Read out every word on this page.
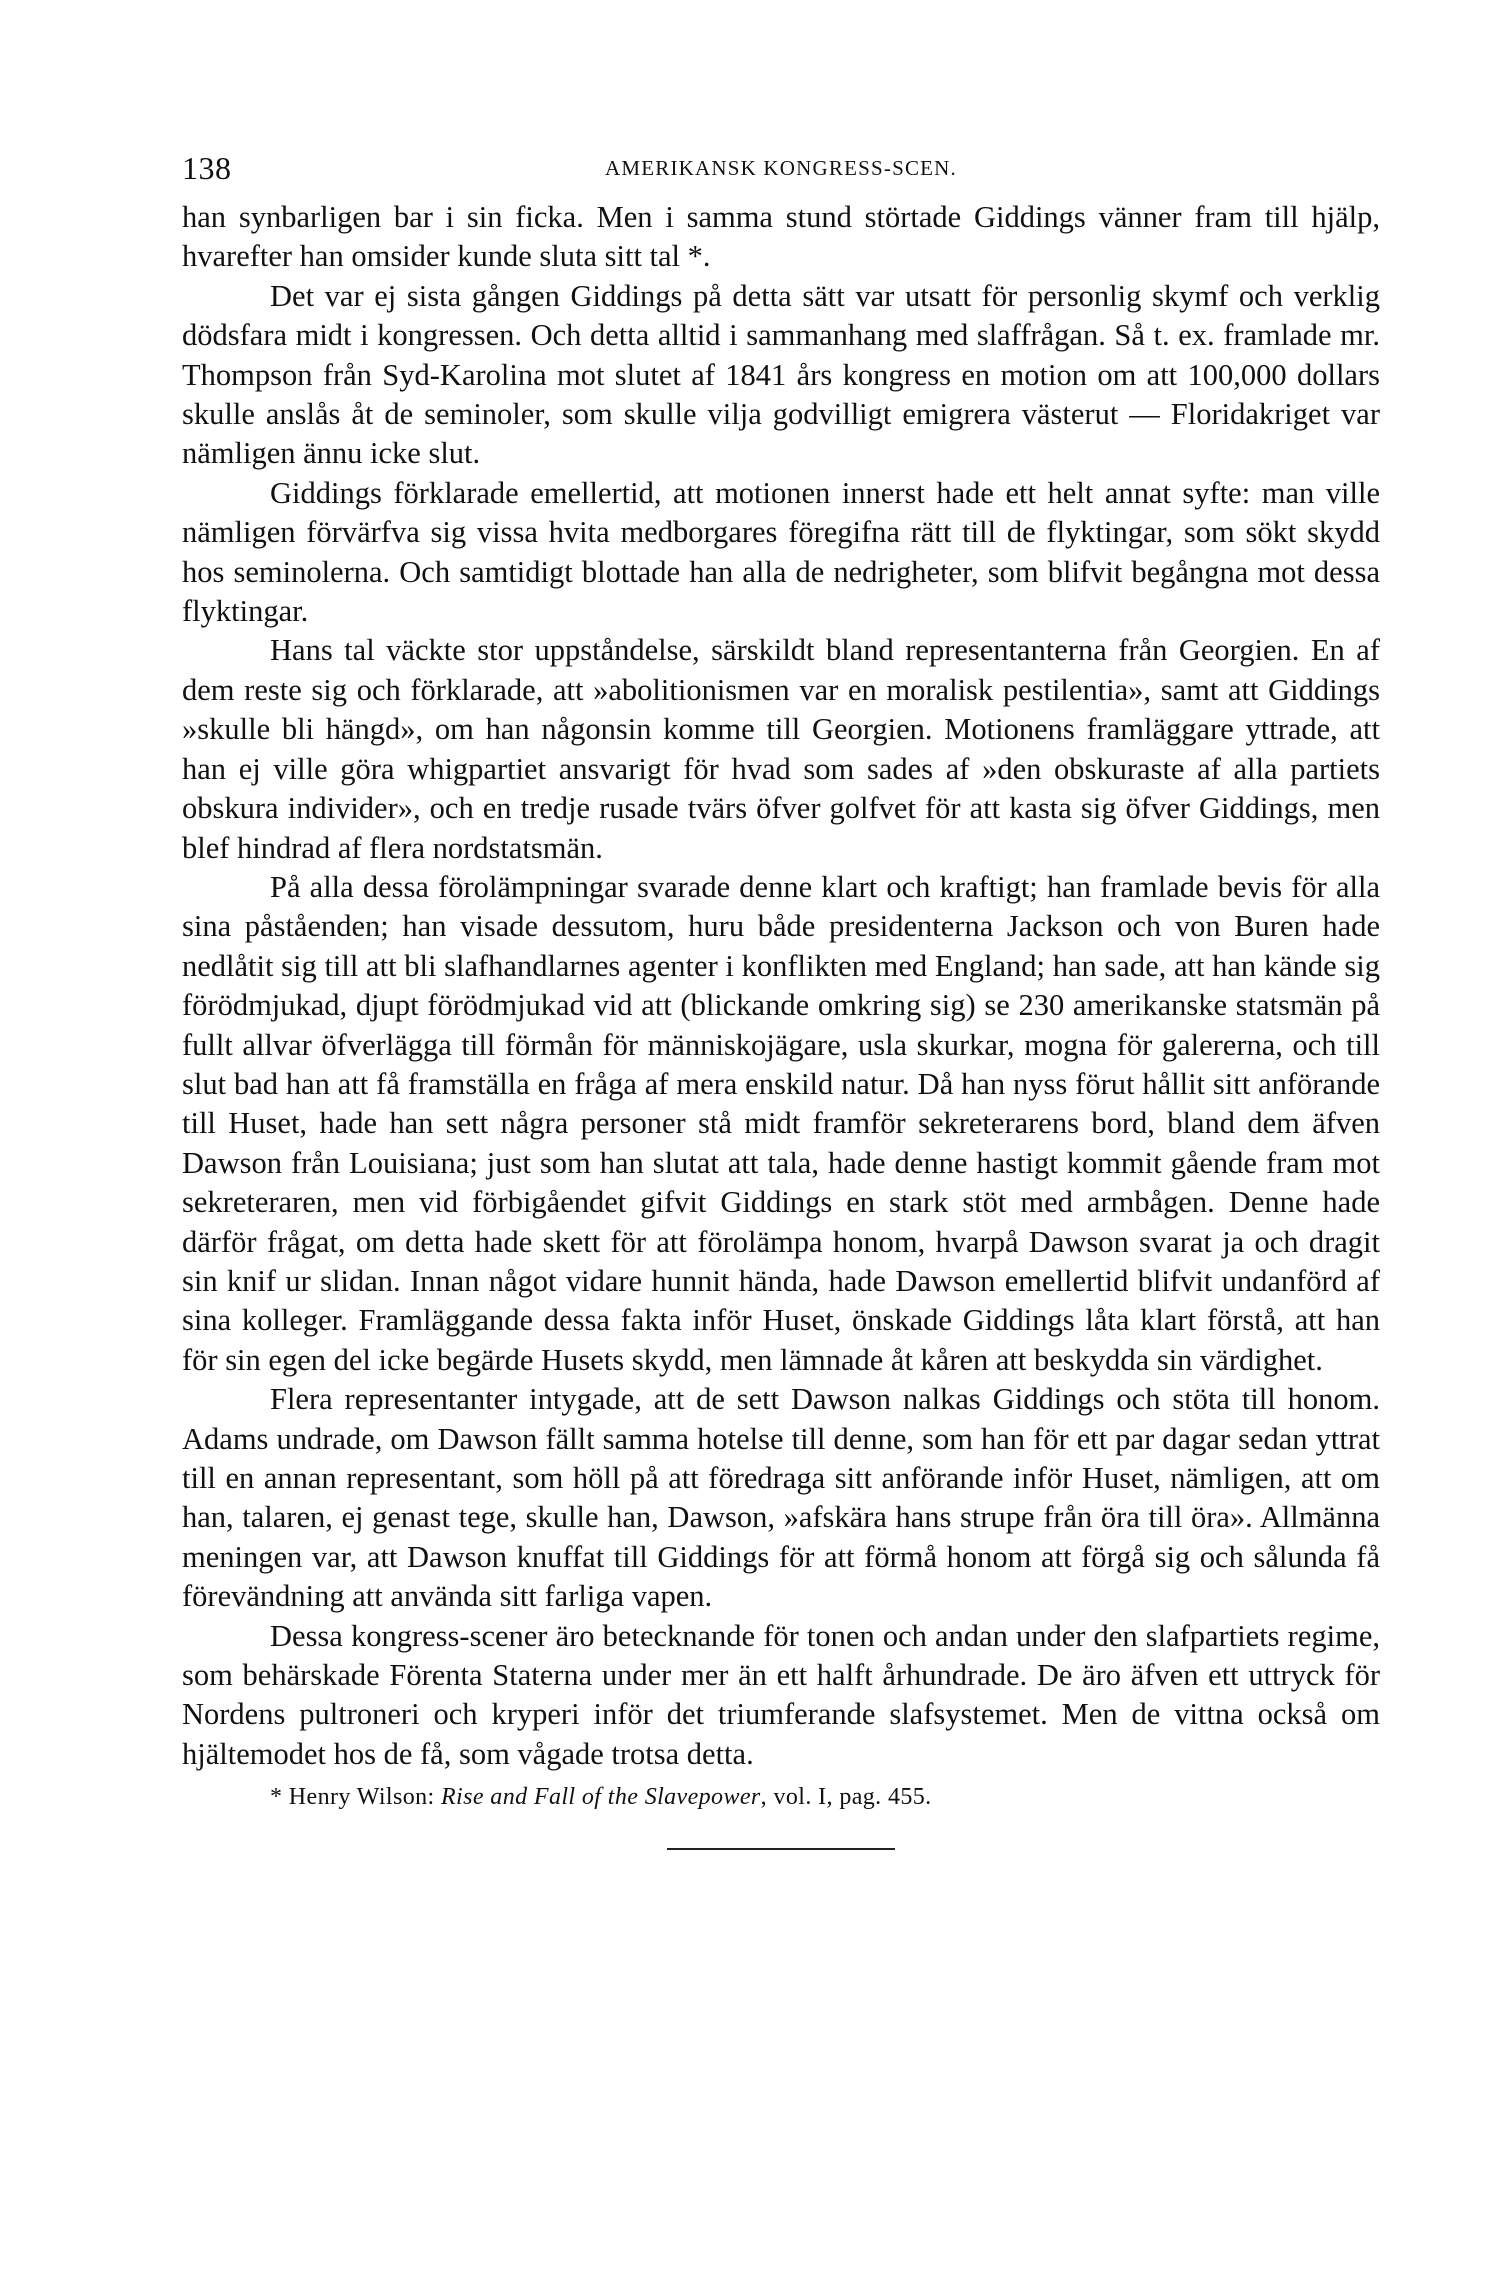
138	AMERIKANSK KONGRESS-SCEN.

han synbarligen bar i sin ficka. Men i samma stund störtade Giddings vänner fram till hjälp, hvarefter han omsider kunde sluta sitt tal *.

Det var ej sista gången Giddings på detta sätt var utsatt för personlig skymf och verklig dödsfara midt i kongressen. Och detta alltid i sammanhang med slaffrågan. Så t. ex. framlade mr. Thompson från Syd-Karolina mot slutet af 1841 års kongress en motion om att 100,000 dollars skulle anslås åt de seminoler, som skulle vilja godvilligt emigrera västerut — Floridakriget var nämligen ännu icke slut.

Giddings förklarade emellertid, att motionen innerst hade ett helt annat syfte: man ville nämligen förvärfva sig vissa hvita medborgares föregifna rätt till de flyktingar, som sökt skydd hos seminolerna. Och samtidigt blottade han alla de nedrigheter, som blifvit begångna mot dessa flyktingar.

Hans tal väckte stor uppståndelse, särskildt bland representanterna från Georgien. En af dem reste sig och förklarade, att »abolitionismen var en moralisk pestilentia», samt att Giddings »skulle bli hängd», om han någonsin komme till Georgien. Motionens framläggare yttrade, att han ej ville göra whigpartiet ansvarigt för hvad som sades af »den obskuraste af alla partiets obskura individer», och en tredje rusade tvärs öfver golfvet för att kasta sig öfver Giddings, men blef hindrad af flera nordstatsmän.

På alla dessa förolämpningar svarade denne klart och kraftigt; han framlade bevis för alla sina påståenden; han visade dessutom, huru både presidenterna Jackson och von Buren hade nedlåtit sig till att bli slafhandlarnes agenter i konflikten med England; han sade, att han kände sig förödmjukad, djupt förödmjukad vid att (blickande omkring sig) se 230 amerikanske statsmän på fullt allvar öfverlägga till förmån för människojägare, usla skurkar, mogna för galererna, och till slut bad han att få framställa en fråga af mera enskild natur. Då han nyss förut hållit sitt anförande till Huset, hade han sett några personer stå midt framför sekreterarens bord, bland dem äfven Dawson från Louisiana; just som han slutat att tala, hade denne hastigt kommit gående fram mot sekreteraren, men vid förbigåendet gifvit Giddings en stark stöt med armbågen. Denne hade därför frågat, om detta hade skett för att förolämpa honom, hvarpå Dawson svarat ja och dragit sin knif ur slidan. Innan något vidare hunnit hända, hade Dawson emellertid blifvit undanförd af sina kolleger. Framläggande dessa fakta inför Huset, önskade Giddings låta klart förstå, att han för sin egen del icke begärde Husets skydd, men lämnade åt kåren att beskydda sin värdighet.

Flera representanter intygade, att de sett Dawson nalkas Giddings och stöta till honom. Adams undrade, om Dawson fällt samma hotelse till denne, som han för ett par dagar sedan yttrat till en annan representant, som höll på att föredraga sitt anförande inför Huset, nämligen, att om han, talaren, ej genast tege, skulle han, Dawson, »afskära hans strupe från öra till öra». Allmänna meningen var, att Dawson knuffat till Giddings för att förmå honom att förgå sig och sålunda få förevändning att använda sitt farliga vapen.

Dessa kongress-scener äro betecknande för tonen och andan under den slafpartiets regime, som behärskade Förenta Staterna under mer än ett halft århundrade. De äro äfven ett uttryck för Nordens pultroneri och kryperi inför det triumferande slafsystemet. Men de vittna också om hjältemodet hos de få, som vågade trotsa detta.

* Henry Wilson: Rise and Fall of the Slavepower, vol. I, pag. 455.
